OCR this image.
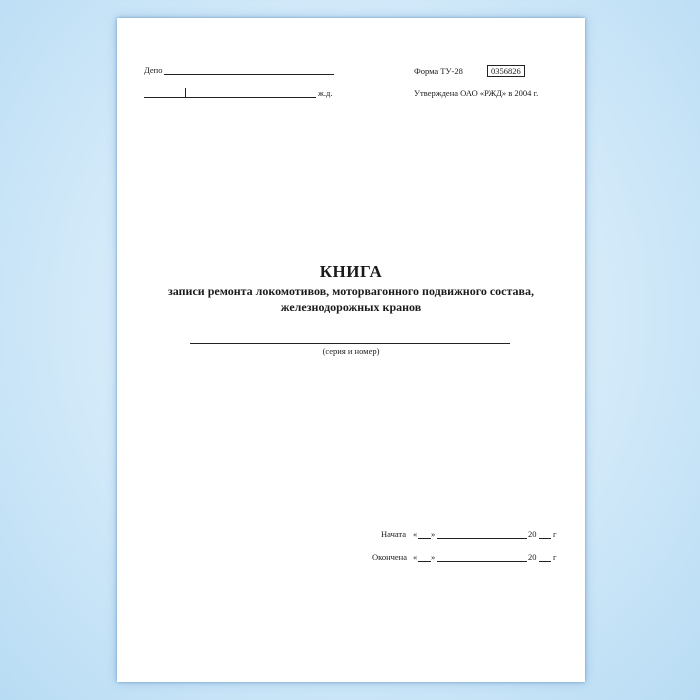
Депо
ж.д.
Форма ТУ-28	0356826
Утверждена ОАО «РЖД» в 2004 г.
КНИГА
записи ремонта локомотивов, моторвагонного подвижного состава,
железнодорожных кранов
(серия и номер)
Начата « »	20 г
Окончена « »	20 г
